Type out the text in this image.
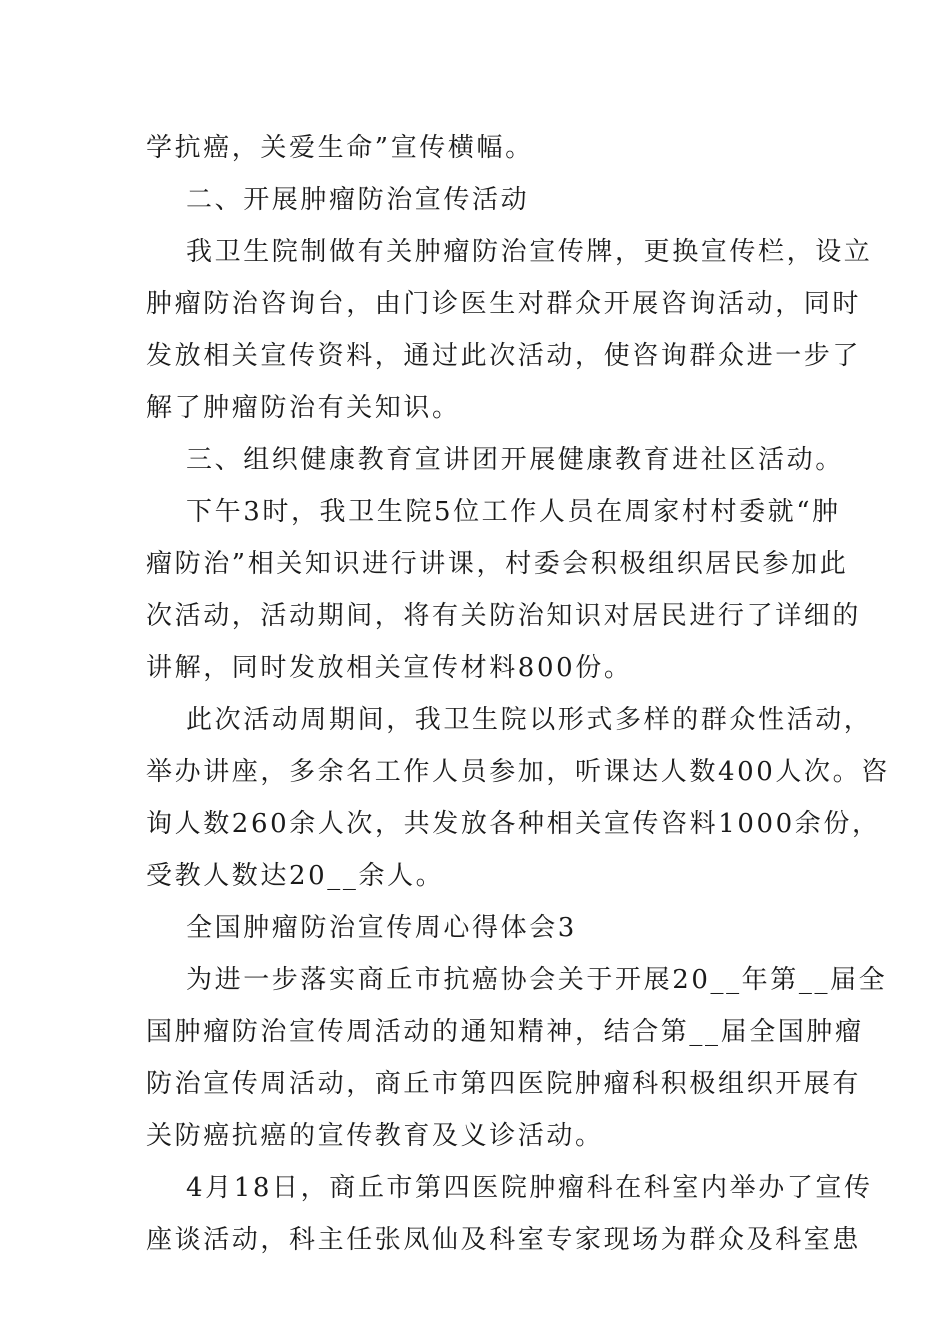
学抗癌，关爱生命”宣传横幅。
二、开展肿瘤防治宣传活动
我卫生院制做有关肿瘤防治宣传牌，更换宣传栏，设立
肿瘤防治咨询台，由门诊医生对群众开展咨询活动，同时
发放相关宣传资料，通过此次活动，使咨询群众进一步了
解了肿瘤防治有关知识。
三、组织健康教育宣讲团开展健康教育进社区活动。
下午3时，我卫生院5位工作人员在周家村村委就“肿
瘤防治”相关知识进行讲课，村委会积极组织居民参加此
次活动，活动期间，将有关防治知识对居民进行了详细的
讲解，同时发放相关宣传材料800份。
此次活动周期间，我卫生院以形式多样的群众性活动，
举办讲座，多余名工作人员参加，听课达人数400人次。咨
询人数260余人次，共发放各种相关宣传咨料1000余份，
受教人数达20__余人。
全国肿瘤防治宣传周心得体会3
为进一步落实商丘市抗癌协会关于开展20__年第__届全
国肿瘤防治宣传周活动的通知精神，结合第__届全国肿瘤
防治宣传周活动，商丘市第四医院肿瘤科积极组织开展有
关防癌抗癌的宣传教育及义诊活动。
4月18日，商丘市第四医院肿瘤科在科室内举办了宣传
座谈活动，科主任张凤仙及科室专家现场为群众及科室患
